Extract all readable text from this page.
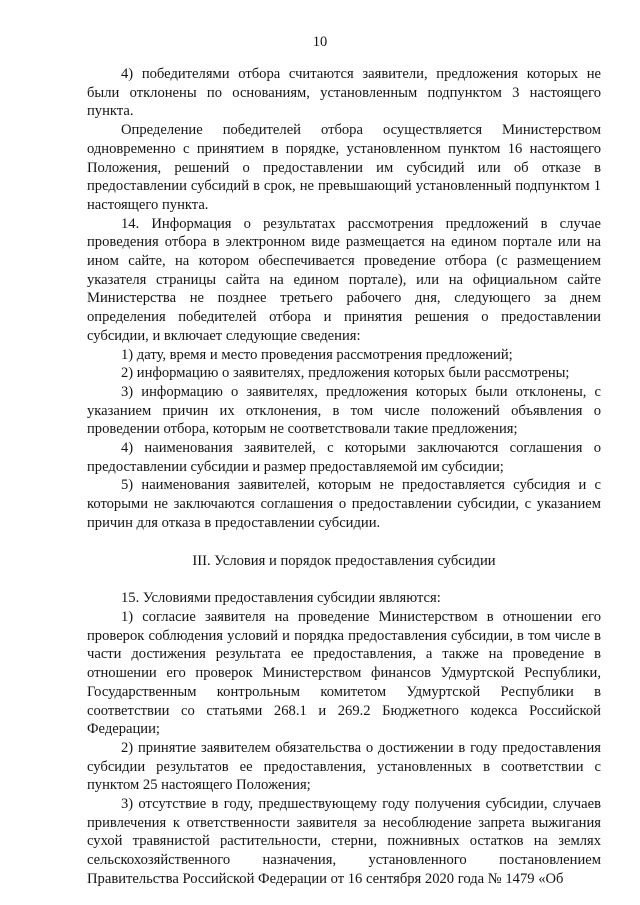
10

4) победителями отбора считаются заявители, предложения которых не были отклонены по основаниям, установленным подпунктом 3 настоящего пункта.

Определение победителей отбора осуществляется Министерством одновременно с принятием в порядке, установленном пунктом 16 настоящего Положения, решений о предоставлении им субсидий или об отказе в предоставлении субсидий в срок, не превышающий установленный подпунктом 1 настоящего пункта.

14. Информация о результатах рассмотрения предложений в случае проведения отбора в электронном виде размещается на едином портале или на ином сайте, на котором обеспечивается проведение отбора (с размещением указателя страницы сайта на едином портале), или на официальном сайте Министерства не позднее третьего рабочего дня, следующего за днем определения победителей отбора и принятия решения о предоставлении субсидии, и включает следующие сведения:

1) дату, время и место проведения рассмотрения предложений;

2) информацию о заявителях, предложения которых были рассмотрены;

3) информацию о заявителях, предложения которых были отклонены, с указанием причин их отклонения, в том числе положений объявления о проведении отбора, которым не соответствовали такие предложения;

4) наименования заявителей, с которыми заключаются соглашения о предоставлении субсидии и размер предоставляемой им субсидии;

5) наименования заявителей, которым не предоставляется субсидия и с которыми не заключаются соглашения о предоставлении субсидии, с указанием причин для отказа в предоставлении субсидии.

III. Условия и порядок предоставления субсидии

15. Условиями предоставления субсидии являются:

1) согласие заявителя на проведение Министерством в отношении его проверок соблюдения условий и порядка предоставления субсидии, в том числе в части достижения результата ее предоставления, а также на проведение в отношении его проверок Министерством финансов Удмуртской Республики, Государственным контрольным комитетом Удмуртской Республики в соответствии со статьями 268.1 и 269.2 Бюджетного кодекса Российской Федерации;

2) принятие заявителем обязательства о достижении в году предоставления субсидии результатов ее предоставления, установленных в соответствии с пунктом 25 настоящего Положения;

3) отсутствие в году, предшествующему году получения субсидии, случаев привлечения к ответственности заявителя за несоблюдение запрета выжигания сухой травянистой растительности, стерни, пожнивных остатков на землях сельскохозяйственного назначения, установленного постановлением Правительства Российской Федерации от 16 сентября 2020 года № 1479 «Об
